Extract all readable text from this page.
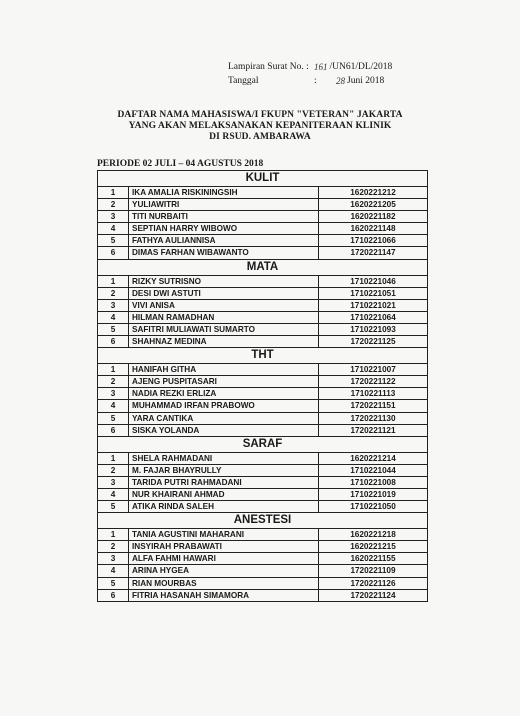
Lampiran Surat No. : 161 /UN61/DL/2018
Tanggal	:	28 Juni 2018
DAFTAR NAMA MAHASISWA/I FKUPN "VETERAN" JAKARTA
YANG AKAN MELAKSANAKAN KEPANITERAAN KLINIK
DI RSUD. AMBARAWA
PERIODE 02 JULI – 04 AGUSTUS 2018
KULIT
1	IKA AMALIA RISKININGSIH	1620221212
2	YULIAWITRI	1620221205
3	TITI NURBAITI	1620221182
4	SEPTIAN HARRY WIBOWO	1620221148
5	FATHYA AULIANNISA	1710221066
6	DIMAS FARHAN WIBAWANTO	1720221147
MATA
1	RIZKY SUTRISNO	1710221046
2	DESI DWI ASTUTI	1710221051
3	VIVI ANISA	1710221021
4	HILMAN RAMADHAN	1710221064
5	SAFITRI MULIAWATI SUMARTO	1710221093
6	SHAHNAZ MEDINA	1720221125
THT
1	HANIFAH GITHA	1710221007
2	AJENG PUSPITASARI	1720221122
3	NADIA REZKI ERLIZA	1710221113
4	MUHAMMAD IRFAN PRABOWO	1720221151
5	YARA CANTIKA	1720221130
6	SISKA YOLANDA	1720221121
SARAF
1	SHELA RAHMADANI	1620221214
2	M. FAJAR BHAYRULLY	1710221044
3	TARIDA PUTRI RAHMADANI	1710221008
4	NUR KHAIRANI AHMAD	1710221019
5	ATIKA RINDA SALEH	1710221050
ANESTESI
1	TANIA AGUSTINI MAHARANI	1620221218
2	INSYIRAH PRABAWATI	1620221215
3	ALFA FAHMI HAWARI	1620221155
4	ARINA HYGEA	1720221109
5	RIAN MOURBAS	1720221126
6	FITRIA HASANAH SIMAMORA	1720221124
